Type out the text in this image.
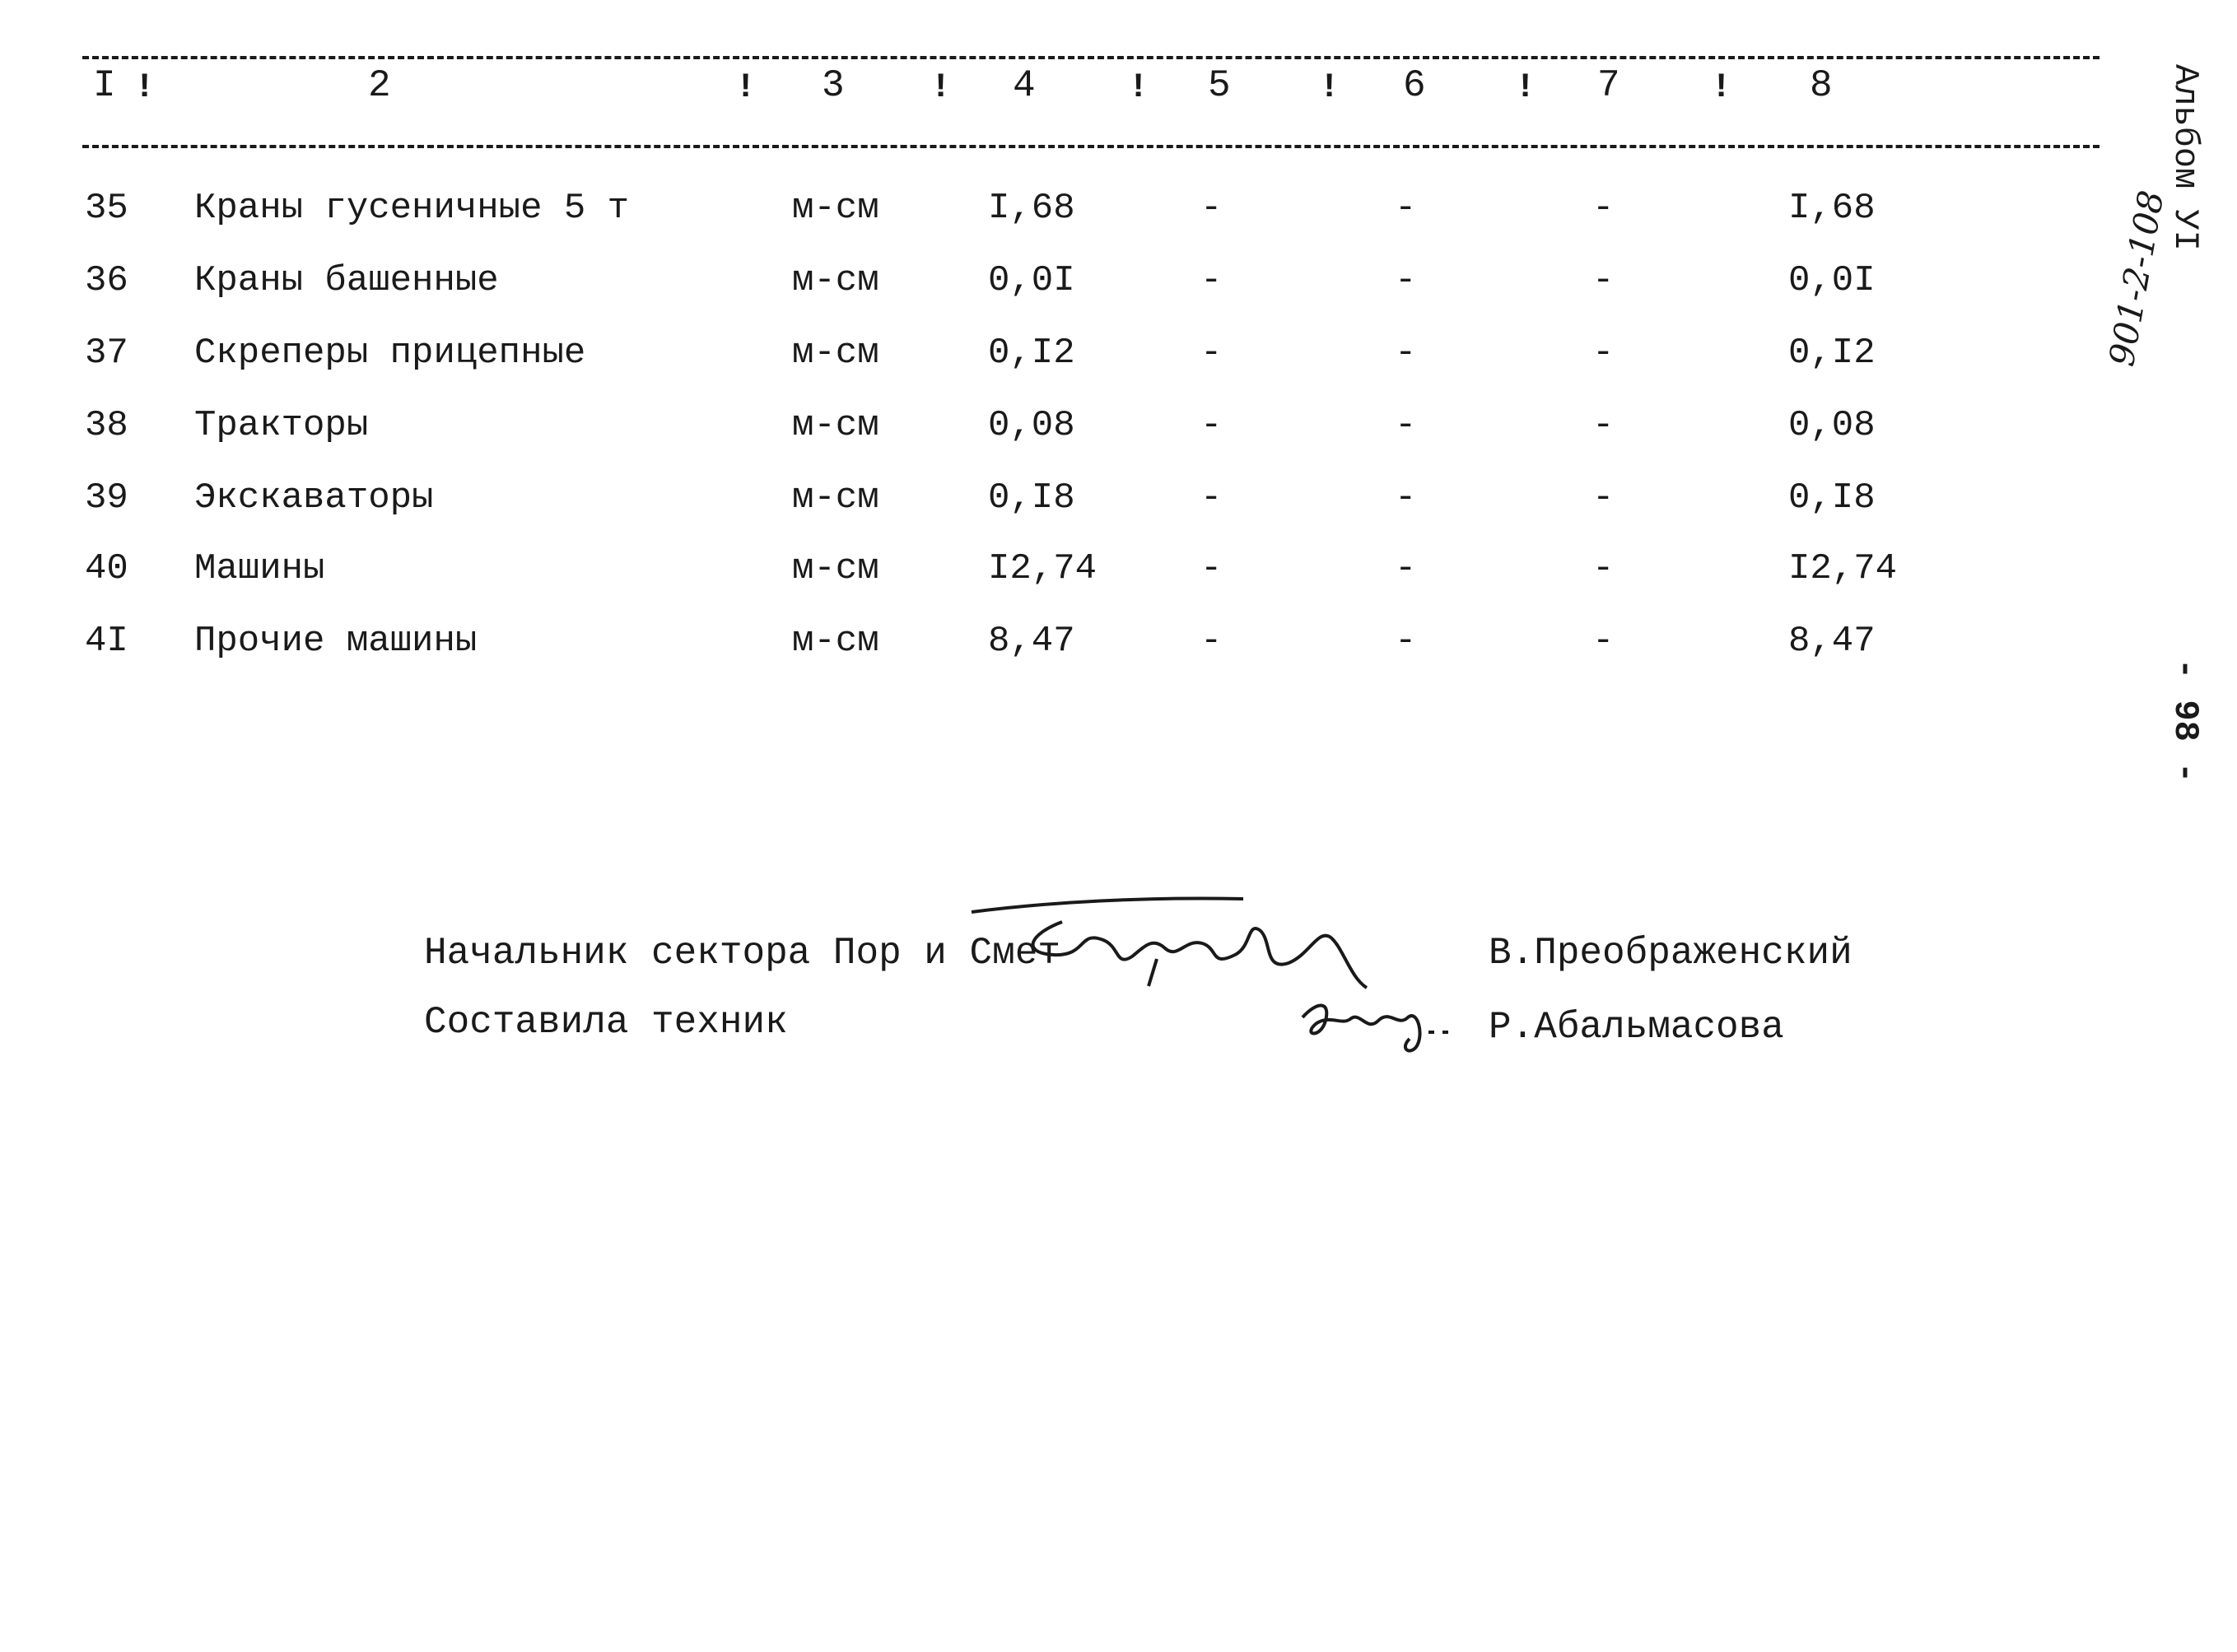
I !	2	! 3 ! 4	! 5	! 6	! 7	! 8
35 Краны гусеничные 5 т	м-см	I,68	-	-	-	I,68
36 Краны башенные	м-см	0,0I	-	-	-	0,0I
37 Скреперы прицепные	м-см	0,I2	-	-	-	0,I2
38 Тракторы	м-см	0,08	-	-	-	0,08
39 Экскаваторы	м-см	0,I8	-	-	-	0,I8
40 Машины	м-см	I2,74	-	-	-	I2,74
4I Прочие машины	м-см	8,47	-	-	-	8,47
Альбом УI
901-2-108
- 98 -
Начальник сектора Пор и Смет	В.Преображенский
Составила техник	Р.Абальмасова
